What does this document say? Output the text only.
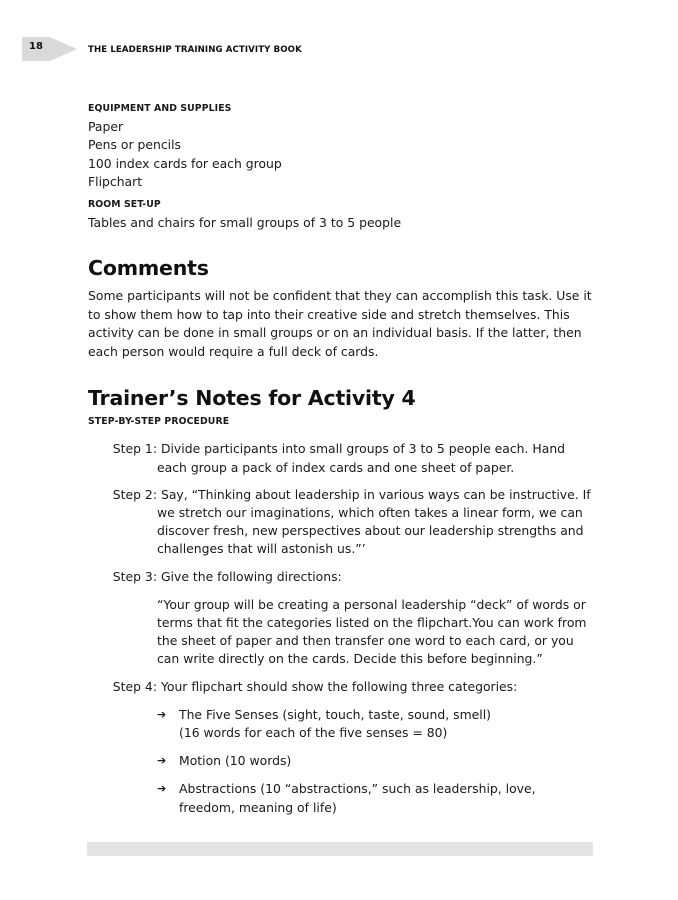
18	THE LEADERSHIP TRAINING ACTIVITY BOOK

EQUIPMENT AND SUPPLIES

Paper

Pens or pencils

100 index cards for each group

Flipchart

ROOM SET-UP

Tables and chairs for small groups of 3 to 5 people

Comments

Some participants will not be confident that they can accomplish this task. Use it to show them how to tap into their creative side and stretch themselves. This activity can be done in small groups or on an individual basis. If the latter, then each person would require a full deck of cards.

Trainer’s Notes for Activity 4

STEP-BY-STEP PROCEDURE

Step 1: Divide participants into small groups of 3 to 5 people each. Hand each group a pack of index cards and one sheet of paper.
Step 2: Say, “Thinking about leadership in various ways can be instructive. If we stretch our imaginations, which often takes a linear form, we can discover fresh, new perspectives about our leadership strengths and challenges that will astonish us.”’
Step 3: Give the following directions:
“Your group will be creating a personal leadership “deck” of words or terms that fit the categories listed on the flipchart.You can work from the sheet of paper and then transfer one word to each card, or you can write directly on the cards. Decide this before beginning.”
Step 4: Your flipchart should show the following three categories:
➔	The Five Senses (sight, touch, taste, sound, smell)
(16 words for each of the five senses = 80)
➔	Motion (10 words)
➔	Abstractions (10 “abstractions,” such as leadership, love, freedom, meaning of life)
